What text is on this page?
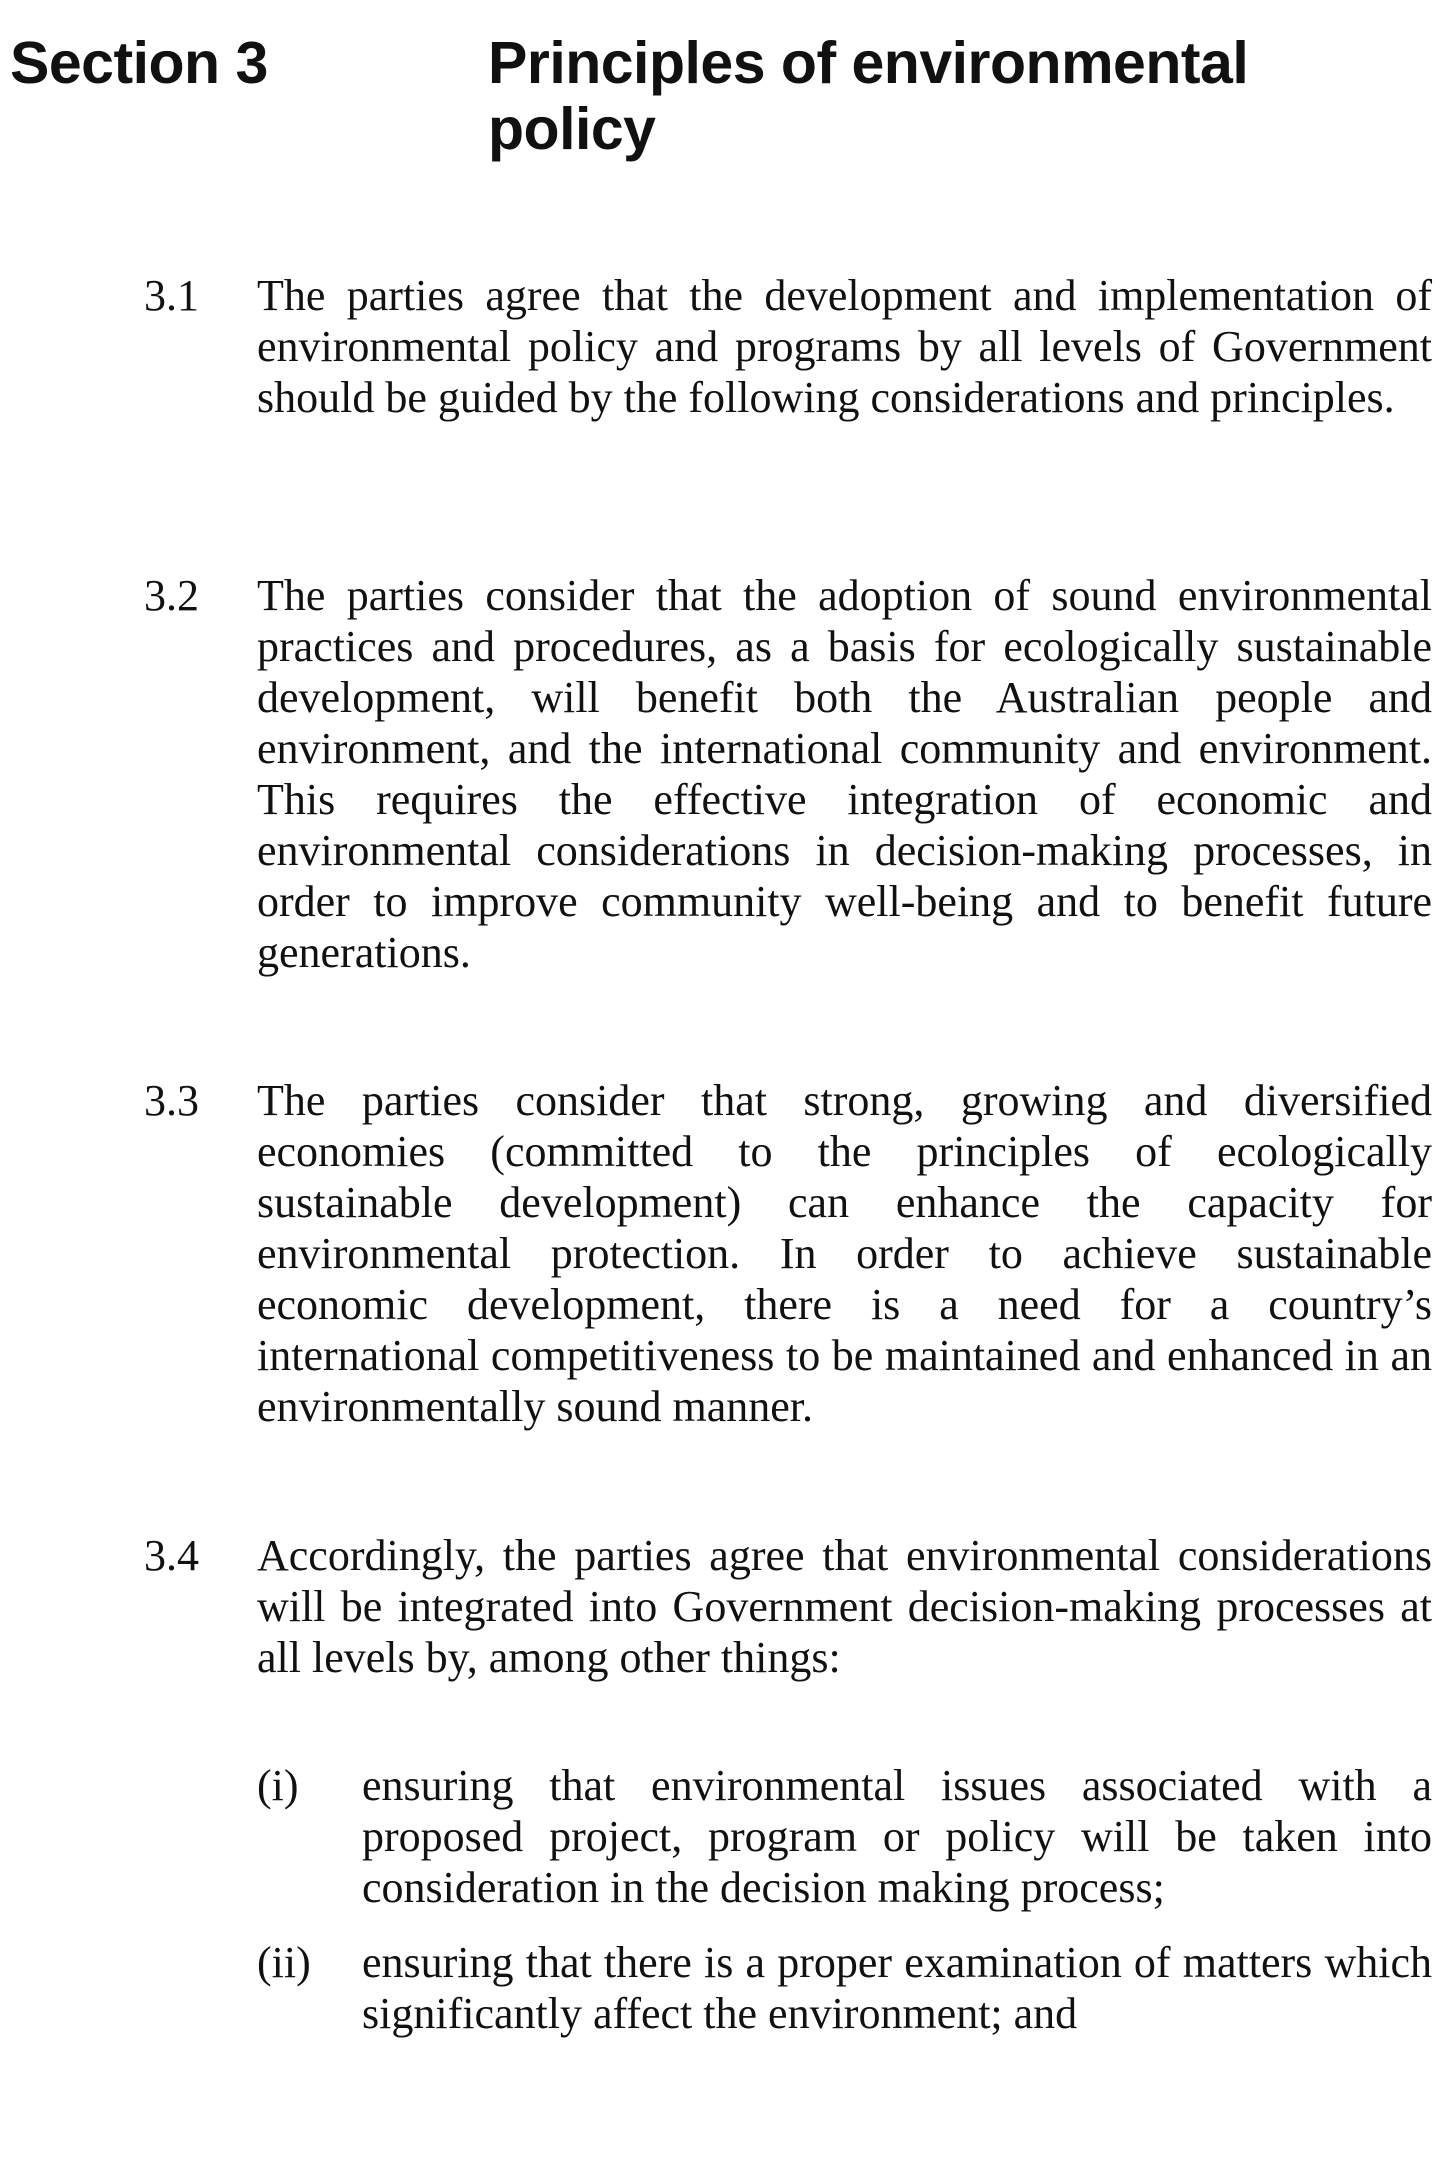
Section 3	Principles of environmental policy
3.1 The parties agree that the development and implementation of environmental policy and programs by all levels of Government should be guided by the following considerations and principles.

3.2 The parties consider that the adoption of sound environmental practices and procedures, as a basis for ecologically sustainable development, will benefit both the Australian people and environment, and the international community and environment. This requires the effective integration of economic and environmental considerations in decision-making processes, in order to improve community well-being and to benefit future generations.

3.3 The parties consider that strong, growing and diversified economies (committed to the principles of ecologically sustainable development) can enhance the capacity for environmental protection. In order to achieve sustainable economic development, there is a need for a country’s international competitiveness to be maintained and enhanced in an environmentally sound manner.

3.4 Accordingly, the parties agree that environmental considerations will be integrated into Government decision-making processes at all levels by, among other things:

(i) ensuring that environmental issues associated with a proposed project, program or policy will be taken into consideration in the decision making process;

(ii) ensuring that there is a proper examination of matters which significantly affect the environment; and
